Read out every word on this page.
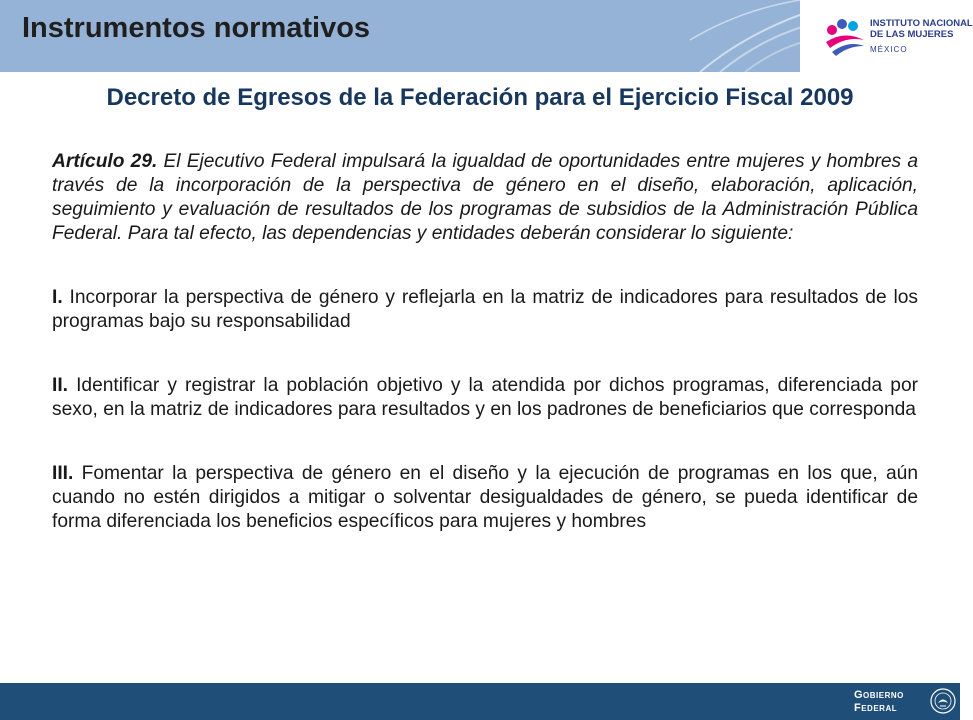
Instrumentos normativos	INSTITUTO NACIONAL
DE LAS MUJERES
MÉXICO
Decreto de Egresos de la Federación para el Ejercicio Fiscal 2009

Artículo 29. El Ejecutivo Federal impulsará la igualdad de oportunidades entre mujeres y hombres a través de la incorporación de la perspectiva de género en el diseño, elaboración, aplicación, seguimiento y evaluación de resultados de los programas de subsidios de la Administración Pública Federal. Para tal efecto, las dependencias y entidades deberán considerar lo siguiente:

I. Incorporar la perspectiva de género y reflejarla en la matriz de indicadores para resultados de los programas bajo su responsabilidad

II. Identificar y registrar la población objetivo y la atendida por dichos programas, diferenciada por sexo, en la matriz de indicadores para resultados y en los padrones de beneficiarios que corresponda

III. Fomentar la perspectiva de género en el diseño y la ejecución de programas en los que, aún cuando no estén dirigidos a mitigar o solventar desigualdades de género, se pueda identificar de forma diferenciada los beneficios específicos para mujeres y hombres

Gobierno
Federal
